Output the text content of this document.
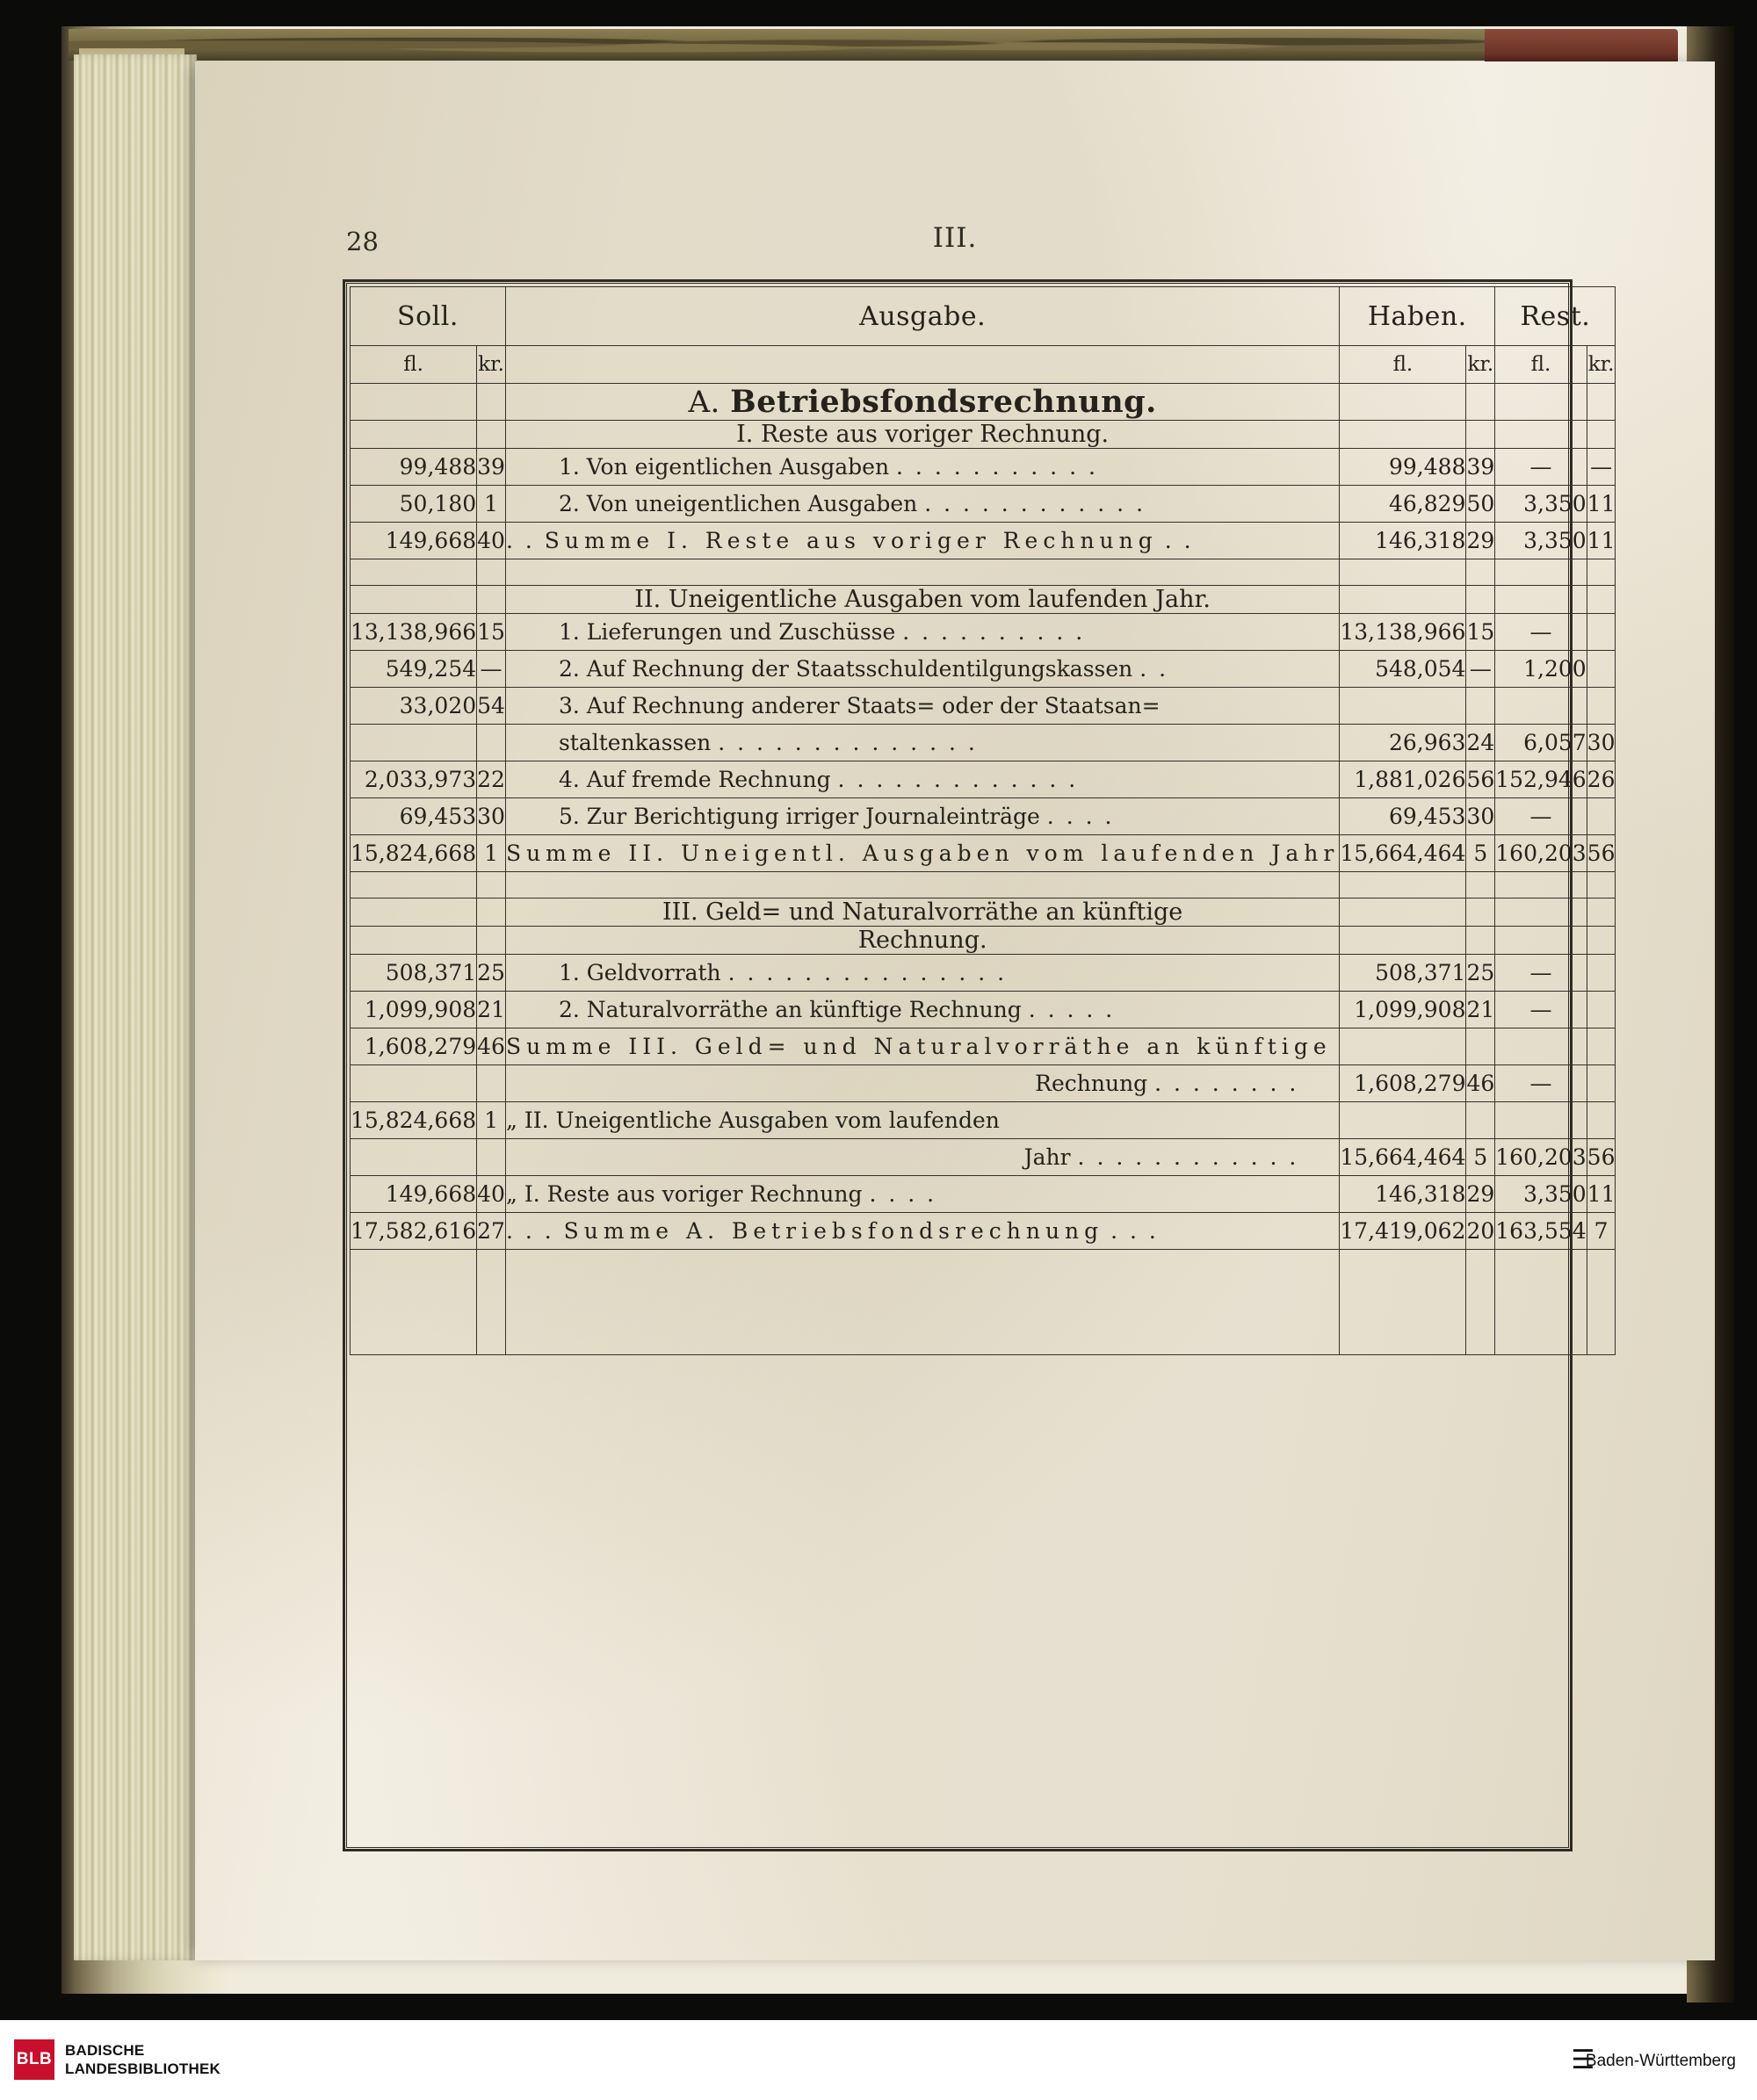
28	III.
Soll.		Ausgabe.	Haben.		Rest.	
fl.	kr.		fl.	kr.	fl.	kr.
		A. Betriebsfondsrechnung.				
		I. Reste aus voriger Rechnung.				
99,488	39	1. Von eigentlichen Ausgaben . . . . . . . . . . .	99,488	39	—	—
50,180	1	2. Von uneigentlichen Ausgaben . . . . . . . . . . . .	46,829	50	3,350	11
149,668	40	. . Summe I. Reste aus voriger Rechnung . .	146,318	29	3,350	11

		II. Uneigentliche Ausgaben vom laufenden Jahr.				
13,138,966	15	1. Lieferungen und Zuschüsse . . . . . . . . . .	13,138,966	15	—	
549,254	—	2. Auf Rechnung der Staatsschuldentilgungskassen . .	548,054	—	1,200	
33,020	54	3. Auf Rechnung anderer Staats= oder der Staatsan=				
		staltenkassen . . . . . . . . . . . . . .	26,963	24	6,057	30
2,033,973	22	4. Auf fremde Rechnung . . . . . . . . . . . . .	1,881,026	56	152,946	26
69,453	30	5. Zur Berichtigung irriger Journaleinträge . . . .	69,453	30	—	
15,824,668	1	Summe II. Uneigentl. Ausgaben vom laufenden Jahr	15,664,464	5	160,203	56

		III. Geld= und Naturalvorräthe an künftige				
		Rechnung.				
508,371	25	1. Geldvorrath . . . . . . . . . . . . . . .	508,371	25	—	
1,099,908	21	2. Naturalvorräthe an künftige Rechnung . . . . .	1,099,908	21	—	
1,608,279	46	Summe III. Geld= und Naturalvorräthe an künftige				
		Rechnung . . . . . . . .	1,608,279	46	—	
15,824,668	1	„ II. Uneigentliche Ausgaben vom laufenden				
		Jahr . . . . . . . . . . . .	15,664,464	5	160,203	56
149,668	40	„ I. Reste aus voriger Rechnung . . . .	146,318	29	3,350	11
17,582,616	27	. . . Summe A. Betriebsfondsrechnung . . .	17,419,062	20	163,554	7

BLB BADISCHE
LANDESBIBLIOTHEK	☰
Baden-Württemberg
